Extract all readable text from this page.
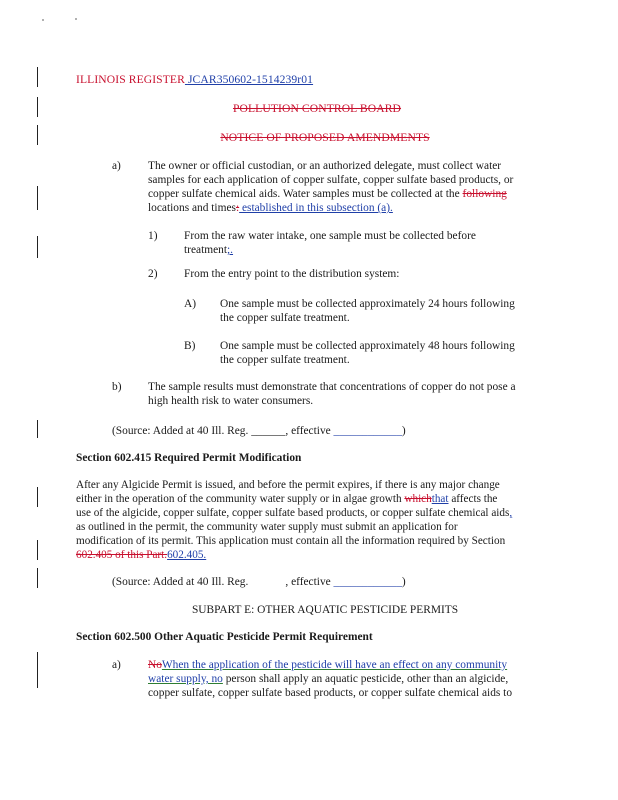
ILLINOIS REGISTER JCAR350602-1514239r01
POLLUTION CONTROL BOARD
NOTICE OF PROPOSED AMENDMENTS
a) The owner or official custodian, or an authorized delegate, must collect water
samples for each application of copper sulfate, copper sulfate based products, or
copper sulfate chemical aids. Water samples must be collected at the following
locations and times: established in this subsection (a).
1) From the raw water intake, one sample must be collected before
treatment;.
2) From the entry point to the distribution system:
A) One sample must be collected approximately 24 hours following
the copper sulfate treatment.
B) One sample must be collected approximately 48 hours following
the copper sulfate treatment.
b) The sample results must demonstrate that concentrations of copper do not pose a
high health risk to water consumers.
(Source: Added at 40 Ill. Reg. ______, effective ____________)
Section 602.415 Required Permit Modification
After any Algicide Permit is issued, and before the permit expires, if there is any major change
either in the operation of the community water supply or in algae growth whichthat affects the
use of the algicide, copper sulfate, copper sulfate based products, or copper sulfate chemical aids,
as outlined in the permit, the community water supply must submit an application for
modification of its permit. This application must contain all the information required by Section
602.405 of this Part.602.405.
(Source: Added at 40 Ill. Reg. ______, effective ____________)
SUBPART E: OTHER AQUATIC PESTICIDE PERMITS
Section 602.500 Other Aquatic Pesticide Permit Requirement
a) NoWhen the application of the pesticide will have an effect on any community
water supply, no person shall apply an aquatic pesticide, other than an algicide,
copper sulfate, copper sulfate based products, or copper sulfate chemical aids to
